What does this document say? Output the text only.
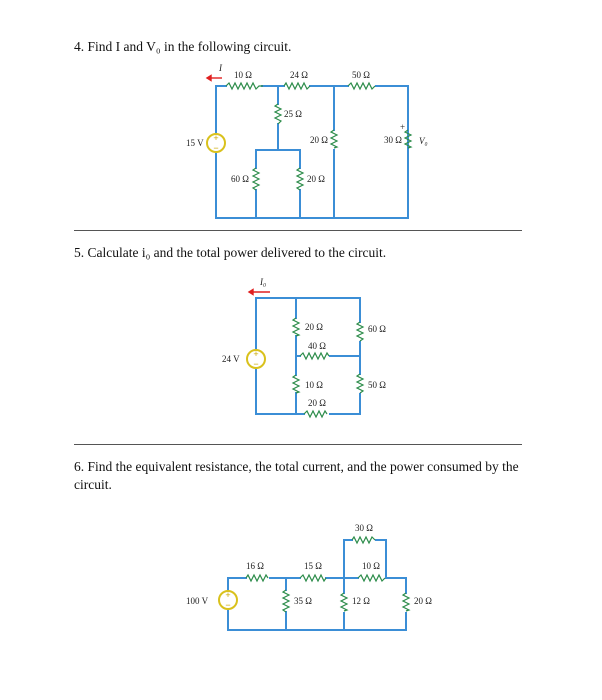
4. Find I and V₀ in the following circuit.
+
−
I
10 Ω	24 Ω	50 Ω
25 Ω
20 Ω	30 Ω
60 Ω	20 Ω
15 V	V₀
+
+
−
I₀
20 Ω
40 Ω
60 Ω
10 Ω
20 Ω
50 Ω
24 V
+
−
30 Ω
16 Ω	15 Ω	10 Ω
35 Ω	12 Ω	20 Ω
100 V
5. Calculate i₀ and the total power delivered to the circuit.
6. Find the equivalent resistance, the total current, and the power consumed by the
circuit.
